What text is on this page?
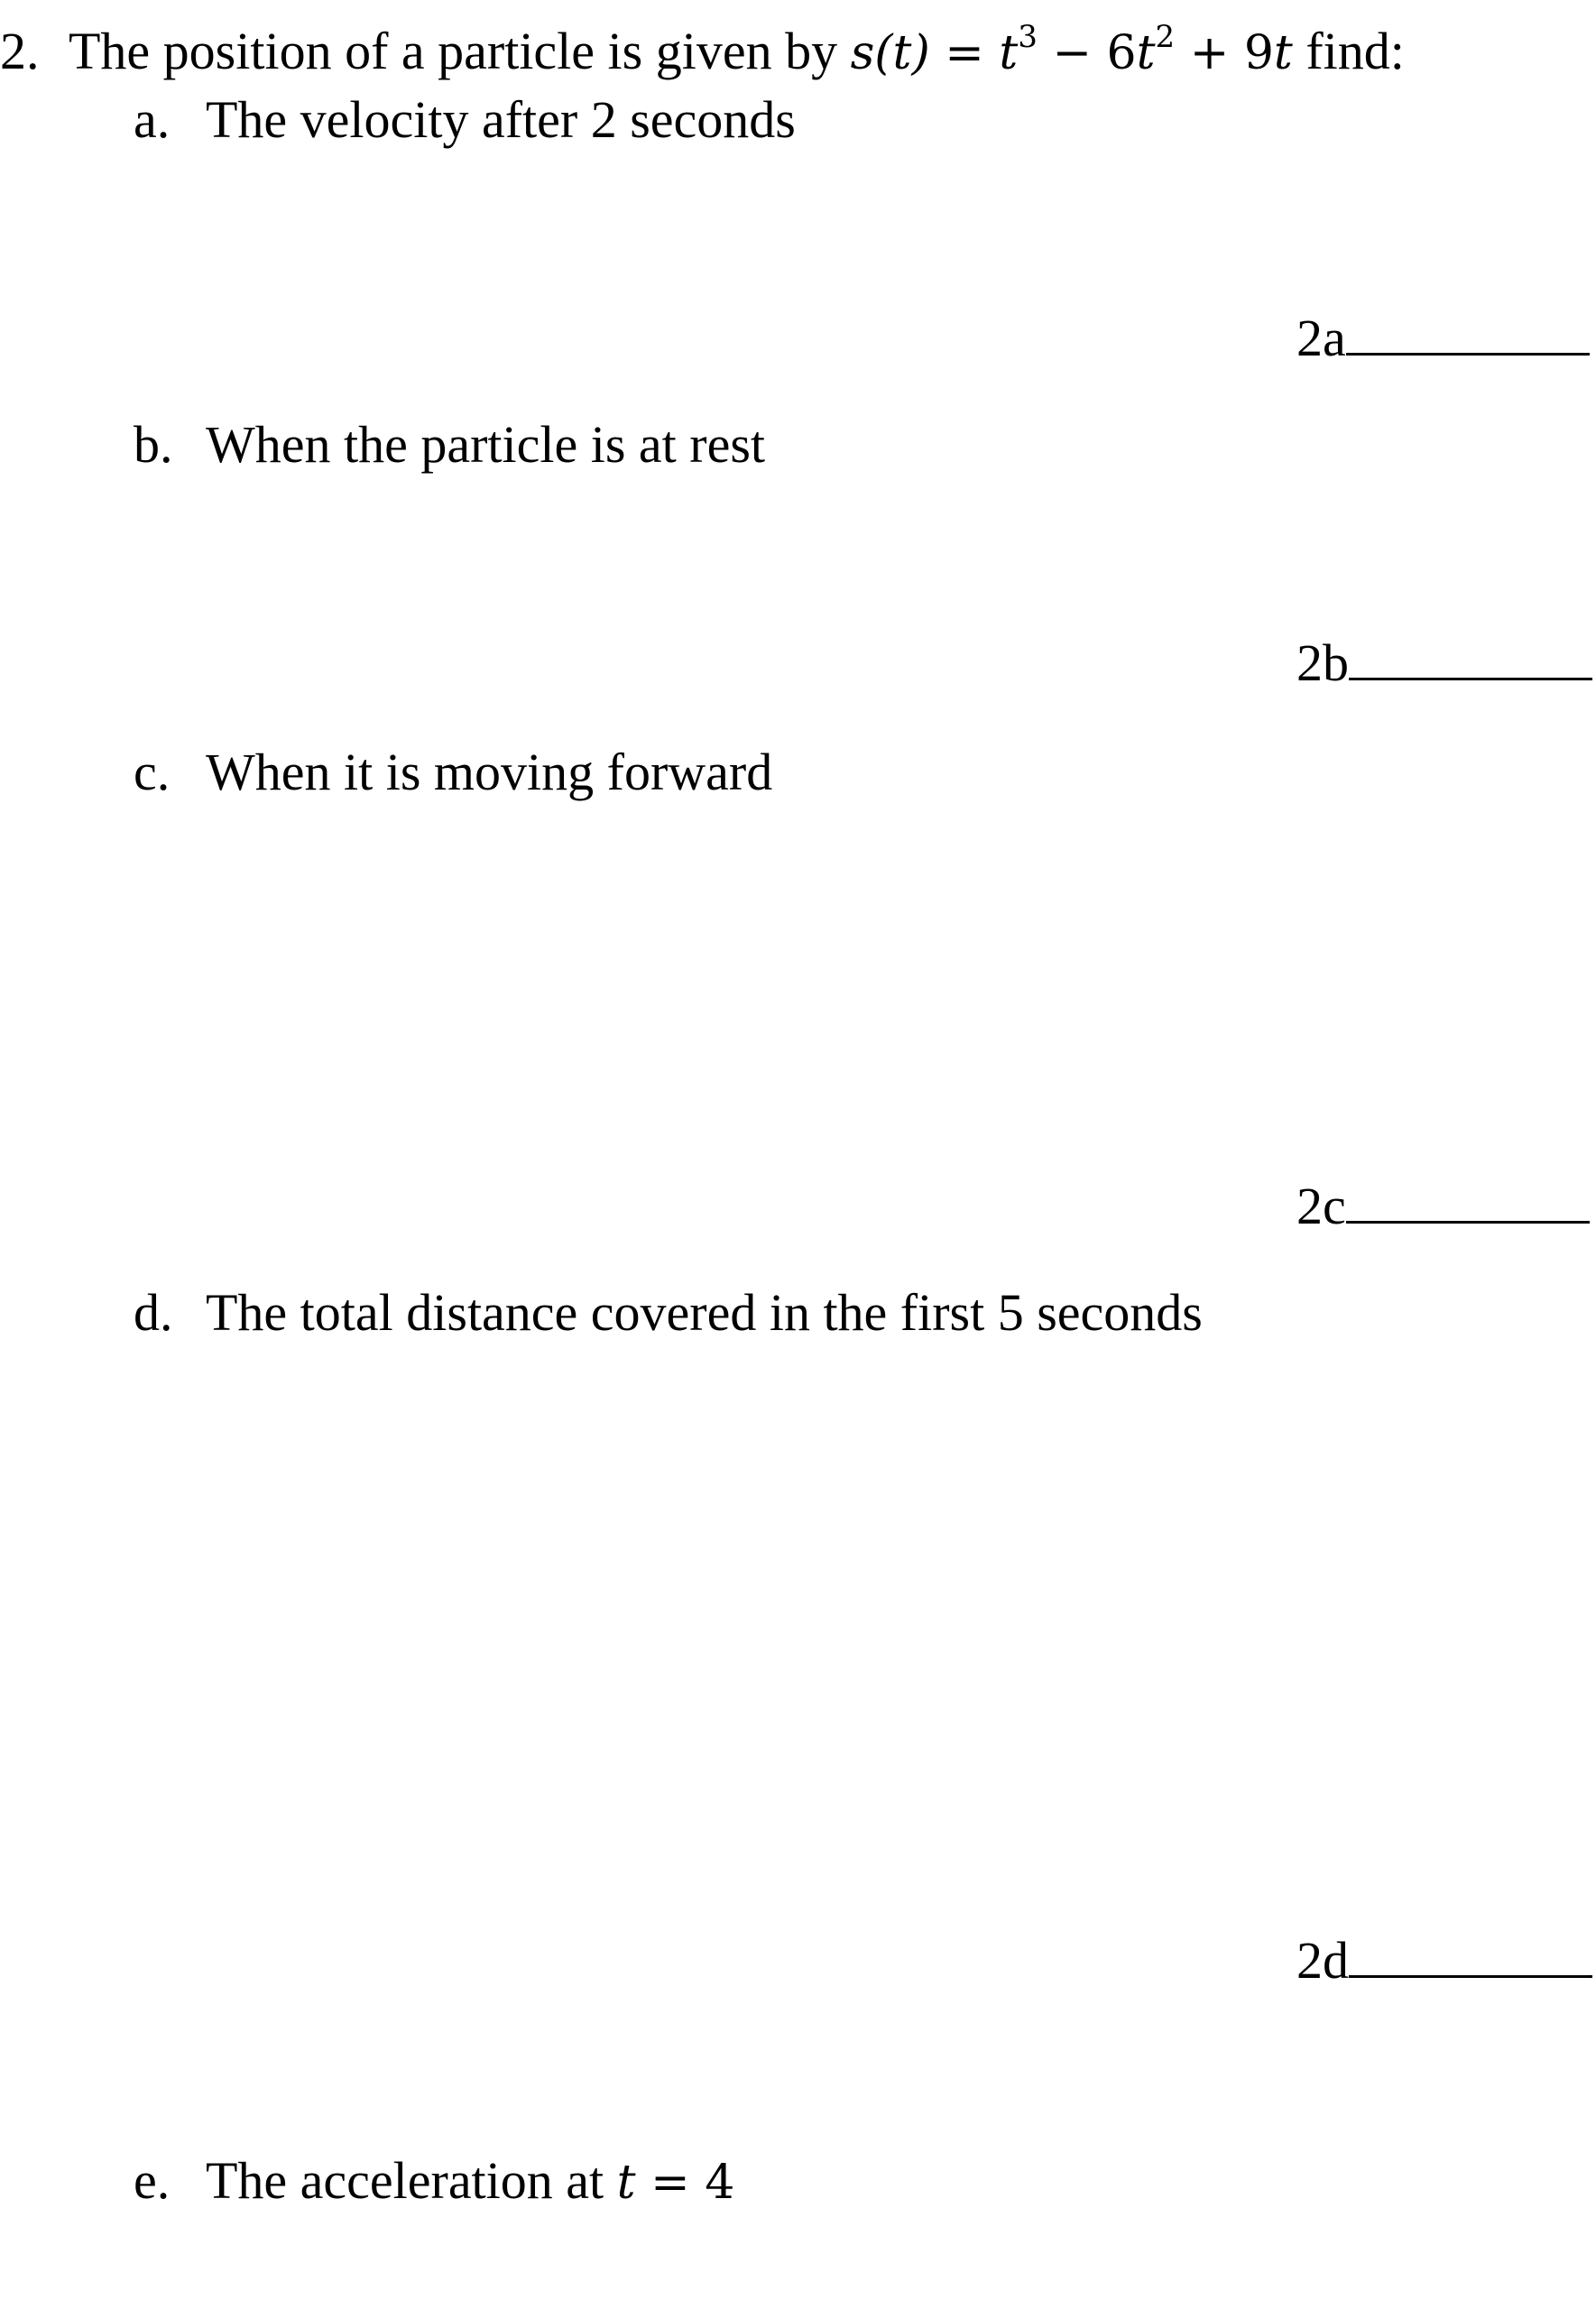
2. The position of a particle is given by $s(t) = t^3 - 6t^2 + 9t$ find:
a. The velocity after 2 seconds
2a
b. When the particle is at rest
2b
c. When it is moving forward
2c
d. The total distance covered in the first 5 seconds
2d
e. The acceleration at t = 4
